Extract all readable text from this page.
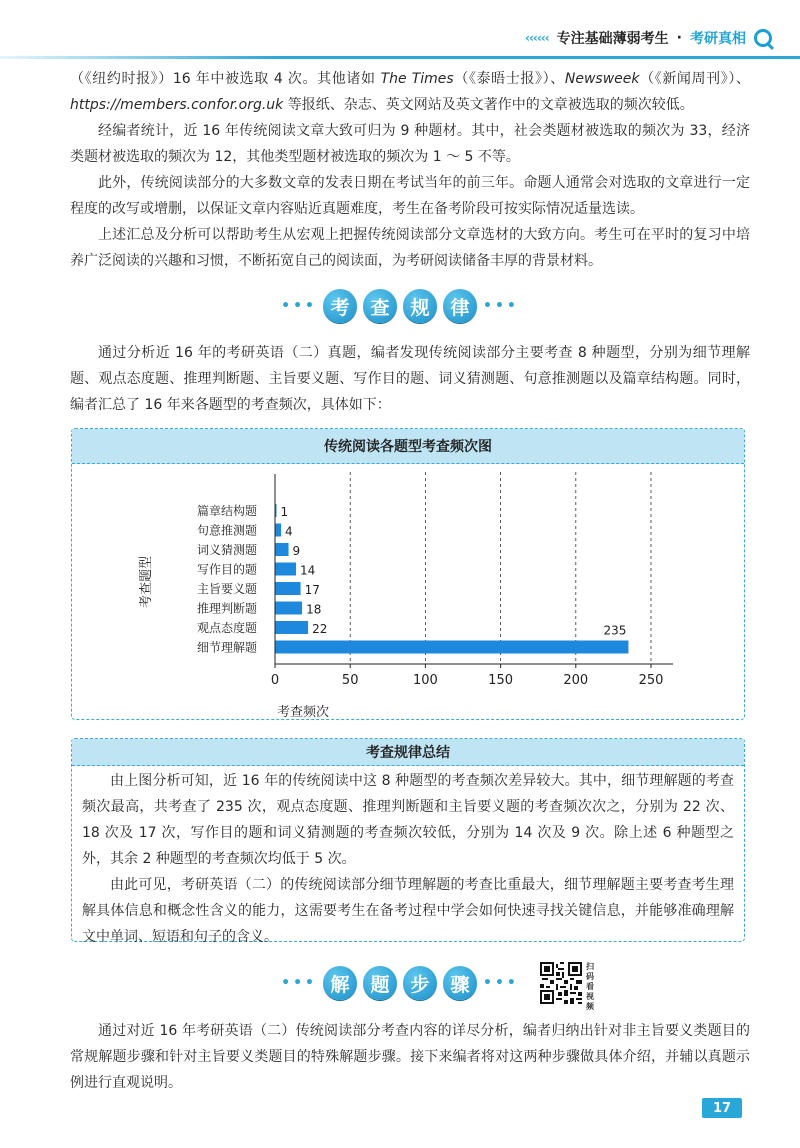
‹‹‹‹‹‹ 专注基础薄弱考生 · 考研真相

（《纽约时报》）16 年中被选取 4 次。其他诸如 The Times（《泰晤士报》）、Newsweek（《新闻周刊》）、https://members.confor.org.uk 等报纸、杂志、英文网站及英文著作中的文章被选取的频次较低。

经编者统计，近 16 年传统阅读文章大致可归为 9 种题材。其中，社会类题材被选取的频次为 33，经济类题材被选取的频次为 12，其他类型题材被选取的频次为 1 ～ 5 不等。

此外，传统阅读部分的大多数文章的发表日期在考试当年的前三年。命题人通常会对选取的文章进行一定程度的改写或增删，以保证文章内容贴近真题难度，考生在备考阶段可按实际情况适量选读。

上述汇总及分析可以帮助考生从宏观上把握传统阅读部分文章选材的大致方向。考生可在平时的复习中培养广泛阅读的兴趣和习惯，不断拓宽自己的阅读面，为考研阅读储备丰厚的背景材料。

••• 考	查	规	律 •••

通过分析近 16 年的考研英语（二）真题，编者发现传统阅读部分主要考查 8 种题型，分别为细节理解题、观点态度题、推理判断题、主旨要义题、写作目的题、词义猜测题、句意推测题以及篇章结构题。同时，编者汇总了 16 年来各题型的考查频次，具体如下：

传统阅读各题型考查频次图
篇章结构题 1
句意推测题 4
词义猜测题	9
写作目的题	14
主旨要义题	17
推理判断题	18
观点态度题	22
细节理解题
235
0	50	100	150	200	250
考查频次
考查题型
考查规律总结

由上图分析可知，近 16 年的传统阅读中这 8 种题型的考查频次差异较大。其中，细节理解题的考查频次最高，共考查了 235 次，观点态度题、推理判断题和主旨要义题的考查频次次之，分别为 22 次、18 次及 17 次，写作目的题和词义猜测题的考查频次较低，分别为 14 次及 9 次。除上述 6 种题型之外，其余 2 种题型的考查频次均低于 5 次。

由此可见，考研英语（二）的传统阅读部分细节理解题的考查比重最大，细节理解题主要考查考生理解具体信息和概念性含义的能力，这需要考生在备考过程中学会如何快速寻找关键信息，并能够准确理解文中单词、短语和句子的含义。

••• 解	题	步	骤 •••
扫码看视频

通过对近 16 年考研英语（二）传统阅读部分考查内容的详尽分析，编者归纳出针对非主旨要义类题目的常规解题步骤和针对主旨要义类题目的特殊解题步骤。接下来编者将对这两种步骤做具体介绍，并辅以真题示例进行直观说明。

17
